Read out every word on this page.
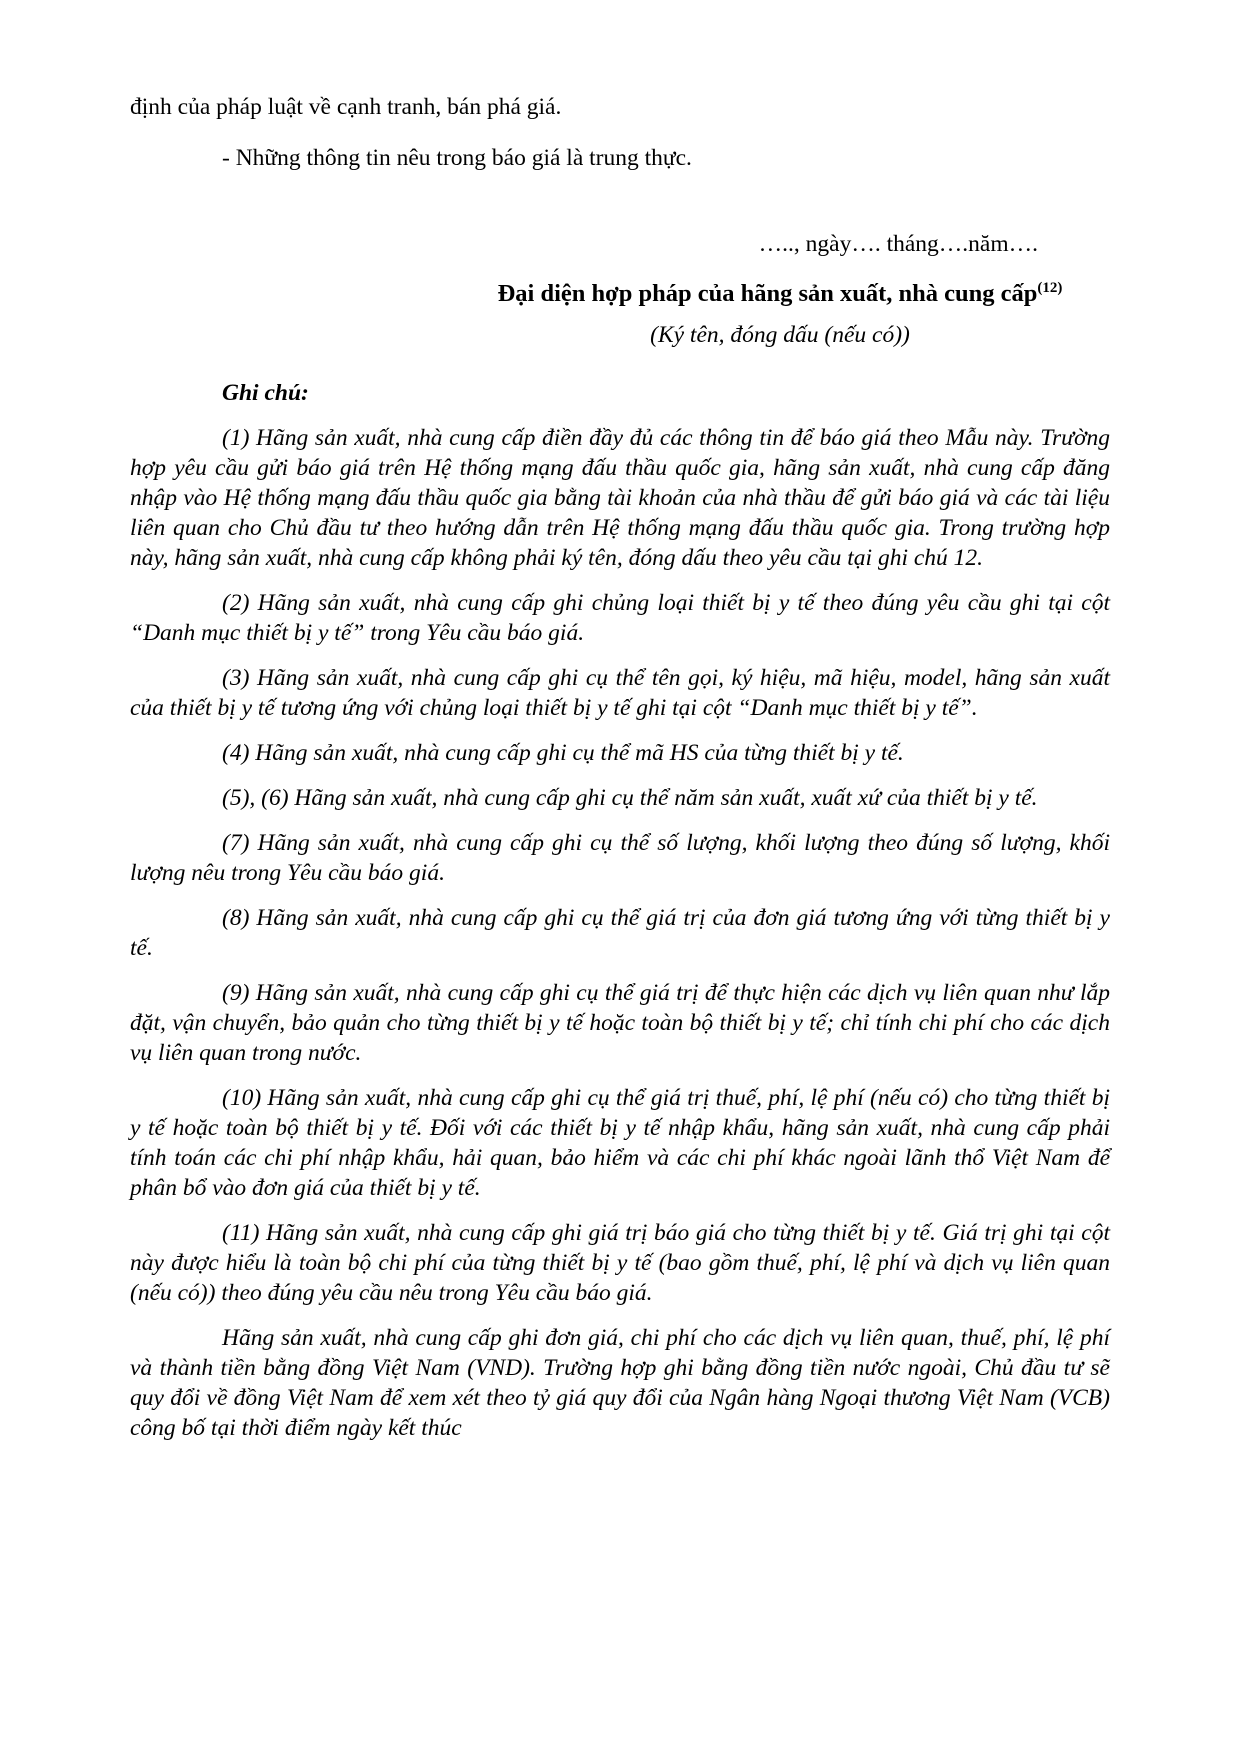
định của pháp luật về cạnh tranh, bán phá giá.

- Những thông tin nêu trong báo giá là trung thực.

….., ngày…. tháng….năm….
Đại diện hợp pháp của hãng sản xuất, nhà cung cấp$^{(12)}$
(Ký tên, đóng dấu (nếu có))

Ghi chú:

(1) Hãng sản xuất, nhà cung cấp điền đầy đủ các thông tin để báo giá theo Mẫu này. Trường hợp yêu cầu gửi báo giá trên Hệ thống mạng đấu thầu quốc gia, hãng sản xuất, nhà cung cấp đăng nhập vào Hệ thống mạng đấu thầu quốc gia bằng tài khoản của nhà thầu để gửi báo giá và các tài liệu liên quan cho Chủ đầu tư theo hướng dẫn trên Hệ thống mạng đấu thầu quốc gia. Trong trường hợp này, hãng sản xuất, nhà cung cấp không phải ký tên, đóng dấu theo yêu cầu tại ghi chú 12.

(2) Hãng sản xuất, nhà cung cấp ghi chủng loại thiết bị y tế theo đúng yêu cầu ghi tại cột “Danh mục thiết bị y tế” trong Yêu cầu báo giá.

(3) Hãng sản xuất, nhà cung cấp ghi cụ thể tên gọi, ký hiệu, mã hiệu, model, hãng sản xuất của thiết bị y tế tương ứng với chủng loại thiết bị y tế ghi tại cột “Danh mục thiết bị y tế”.

(4) Hãng sản xuất, nhà cung cấp ghi cụ thể mã HS của từng thiết bị y tế.

(5), (6) Hãng sản xuất, nhà cung cấp ghi cụ thể năm sản xuất, xuất xứ của thiết bị y tế.

(7) Hãng sản xuất, nhà cung cấp ghi cụ thể số lượng, khối lượng theo đúng số lượng, khối lượng nêu trong Yêu cầu báo giá.

(8) Hãng sản xuất, nhà cung cấp ghi cụ thể giá trị của đơn giá tương ứng với từng thiết bị y tế.

(9) Hãng sản xuất, nhà cung cấp ghi cụ thể giá trị để thực hiện các dịch vụ liên quan như lắp đặt, vận chuyển, bảo quản cho từng thiết bị y tế hoặc toàn bộ thiết bị y tế; chỉ tính chi phí cho các dịch vụ liên quan trong nước.

(10) Hãng sản xuất, nhà cung cấp ghi cụ thể giá trị thuế, phí, lệ phí (nếu có) cho từng thiết bị y tế hoặc toàn bộ thiết bị y tế. Đối với các thiết bị y tế nhập khẩu, hãng sản xuất, nhà cung cấp phải tính toán các chi phí nhập khẩu, hải quan, bảo hiểm và các chi phí khác ngoài lãnh thổ Việt Nam để phân bổ vào đơn giá của thiết bị y tế.

(11) Hãng sản xuất, nhà cung cấp ghi giá trị báo giá cho từng thiết bị y tế. Giá trị ghi tại cột này được hiểu là toàn bộ chi phí của từng thiết bị y tế (bao gồm thuế, phí, lệ phí và dịch vụ liên quan (nếu có)) theo đúng yêu cầu nêu trong Yêu cầu báo giá.

Hãng sản xuất, nhà cung cấp ghi đơn giá, chi phí cho các dịch vụ liên quan, thuế, phí, lệ phí và thành tiền bằng đồng Việt Nam (VND). Trường hợp ghi bằng đồng tiền nước ngoài, Chủ đầu tư sẽ quy đổi về đồng Việt Nam để xem xét theo tỷ giá quy đổi của Ngân hàng Ngoại thương Việt Nam (VCB) công bố tại thời điểm ngày kết thúc
